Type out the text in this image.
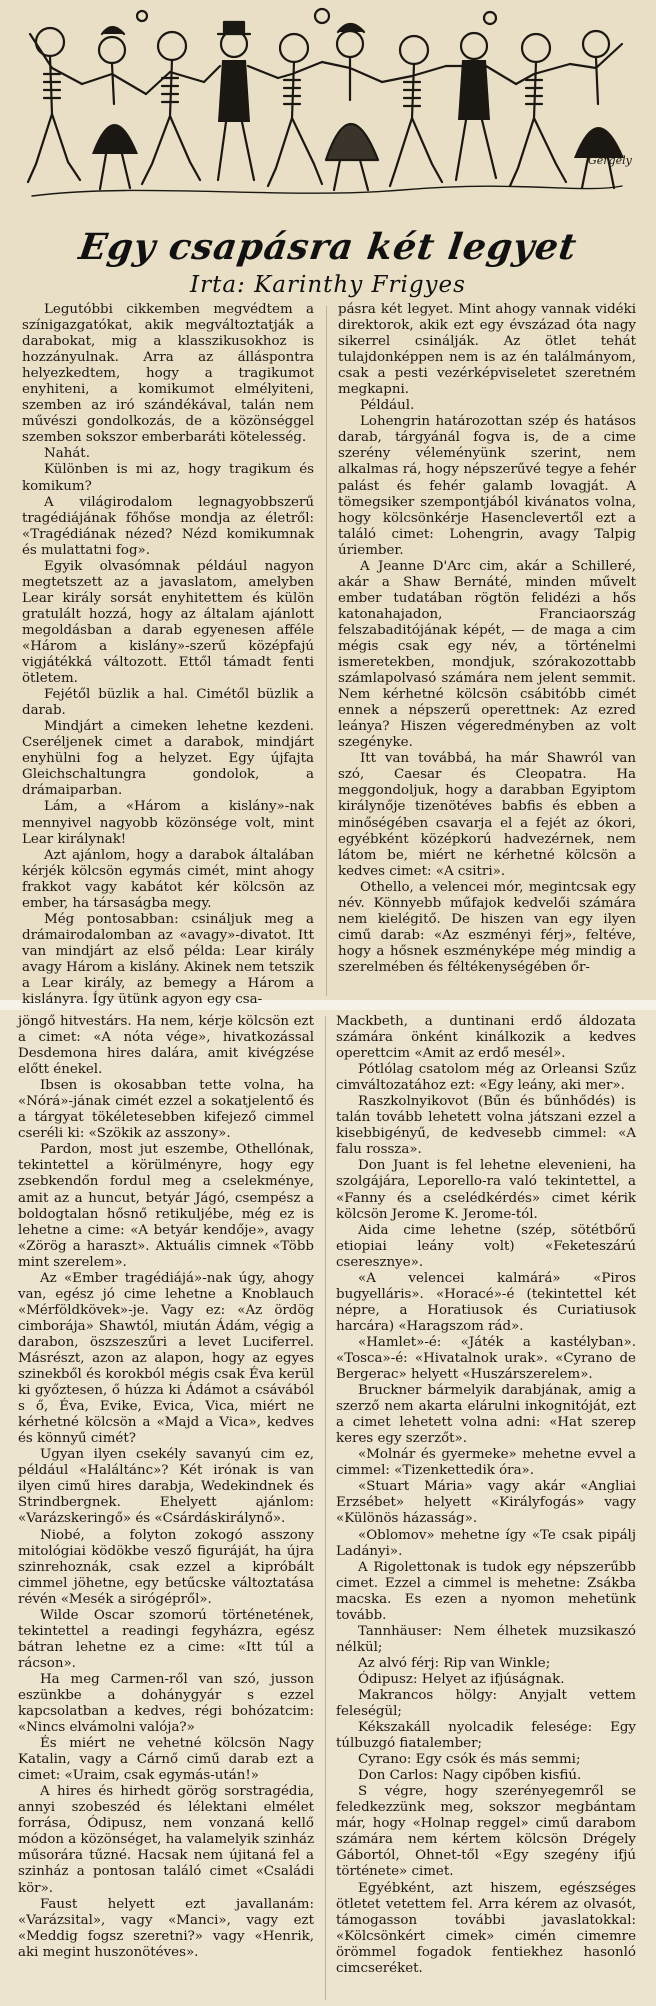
Gergely
Egy csapásra két legyet
Irta: Karinthy Frigyes

Legutóbbi cikkemben megvédtem a színigazgatókat, akik megváltoztatják a darabokat, mig a klasszikusokhoz is hozzányulnak. Arra az álláspontra helyezkedtem, hogy a tragikumot enyhiteni, a komikumot elmélyiteni, szemben az iró szándékával, talán nem művészi gondolkozás, de a közönséggel szemben sokszor emberbaráti kötelesség.

Nahát.

Különben is mi az, hogy tragikum és komikum?

A világirodalom legnagyobbszerű tragédiájának főhőse mondja az életről: «Tragédiának nézed? Nézd komikumnak és mulattatni fog».

Egyik olvasómnak például nagyon megtetszett az a javaslatom, amelyben Lear király sorsát enyhitettem és külön gratulált hozzá, hogy az általam ajánlott megoldásban a darab egyenesen afféle «Három a kislány»-szerű középfajú vigjátékká változott. Ettől támadt fenti ötletem.

Fejétől büzlik a hal. Cimétől büzlik a darab.

Mindjárt a cimeken lehetne kezdeni. Cseréljenek cimet a darabok, mindjárt enyhülni fog a helyzet. Egy újfajta Gleichschaltungra gondolok, a drámaiparban.

Lám, a «Három a kislány»-nak mennyivel nagyobb közönsége volt, mint Lear királynak!

Azt ajánlom, hogy a darabok általában kérjék kölcsön egymás cimét, mint ahogy frakkot vagy kabátot kér kölcsön az ember, ha társaságba megy.

Még pontosabban: csináljuk meg a drámairodalomban az «avagy»-divatot. Itt van mindjárt az első példa: Lear király avagy Három a kislány. Akinek nem tetszik a Lear király, az bemegy a Három a kislányra. Így ütünk agyon egy csa-

pásra két legyet. Mint ahogy vannak vidéki direktorok, akik ezt egy évszázad óta nagy sikerrel csinálják. Az ötlet tehát tulajdonképpen nem is az én találmányom, csak a pesti vezérképviseletet szeretném megkapni.

Például.

Lohengrin határozottan szép és hatásos darab, tárgyánál fogva is, de a cime szerény véleményünk szerint, nem alkalmas rá, hogy népszerűvé tegye a fehér palást és fehér galamb lovagját. A tömegsiker szempontjából kivánatos volna, hogy kölcsönkérje Hasenclevertől ezt a találó cimet: Lohengrin, avagy Talpig úriember.

A Jeanne D'Arc cim, akár a Schilleré, akár a Shaw Bernáté, minden művelt ember tudatában rögtön felidézi a hős katonahajadon, Franciaország felszabaditójának képét, — de maga a cim mégis csak egy név, a történelmi ismeretekben, mondjuk, szórakozottabb számlapolvasó számára nem jelent semmit. Nem kérhetné kölcsön csábitóbb cimét ennek a népszerű operettnek: Az ezred leánya? Hiszen végeredményben az volt szegényke.

Itt van továbbá, ha már Shawról van szó, Caesar és Cleopatra. Ha meggondoljuk, hogy a darabban Egyiptom királynője tizenötéves babfis és ebben a minőségében csavarja el a fejét az ókori, egyébként középkorú hadvezérnek, nem látom be, miért ne kérhetné kölcsön a kedves cimet: «A csitri».

Othello, a velencei mór, megintcsak egy név. Könnyebb műfajok kedvelői számára nem kielégitő. De hiszen van egy ilyen cimű darab: «Az eszményi férj», feltéve, hogy a hősnek eszményképe még mindig a szerelmében és féltékenységében őr-

jöngő hitvestárs. Ha nem, kérje kölcsön ezt a cimet: «A nóta vége», hivatkozással Desdemona hires dalára, amit kivégzése előtt énekel.

Ibsen is okosabban tette volna, ha «Nórá»-jának cimét ezzel a sokatjelentő és a tárgyat tökéletesebben kifejező cimmel cseréli ki: «Szökik az asszony».

Pardon, most jut eszembe, Othellónak, tekintettel a körülményre, hogy egy zsebkendőn fordul meg a cselekménye, amit az a huncut, betyár Jágó, csempész a boldogtalan hősnő retikuljébe, még ez is lehetne a cime: «A betyár kendője», avagy «Zörög a haraszt». Aktuális cimnek «Több mint szerelem».

Az «Ember tragédiájá»-nak úgy, ahogy van, egész jó cime lehetne a Knoblauch «Mérföldkövek»-je. Vagy ez: «Az ördög cimborája» Shawtól, miután Ádám, végig a darabon, öszszeszűri a levet Luciferrel. Másrészt, azon az alapon, hogy az egyes szinekből és korokból mégis csak Éva kerül ki győztesen, ő húzza ki Ádámot a csávából s ő, Éva, Evike, Evica, Vica, miért ne kérhetné kölcsön a «Majd a Vica», kedves és könnyű cimét?

Ugyan ilyen csekély savanyú cim ez, például «Haláltánc»? Két irónak is van ilyen cimű hires darabja, Wedekindnek és Strindbergnek. Ehelyett ajánlom: «Varázskeringő» és «Csárdáskirálynő».

Niobé, a folyton zokogó asszony mitológiai ködökbe vesző figuráját, ha újra szinrehoznák, csak ezzel a kipróbált cimmel jöhetne, egy betűcske változtatása révén «Mesék a sirógépről».

Wilde Oscar szomorú történetének, tekintettel a readingi fegyházra, egész bátran lehetne ez a cime: «Itt túl a rácson».

Ha meg Carmen-ről van szó, jusson eszünkbe a dohánygyár s ezzel kapcsolatban a kedves, régi bohózatcim: «Nincs elvámolni valója?»

És miért ne vehetné kölcsön Nagy Katalin, vagy a Cárnő cimű darab ezt a cimet: «Uraim, csak egymás-után!»

A hires és hirhedt görög sorstragédia, annyi szobeszéd és lélektani elmélet forrása, Ódipusz, nem vonzaná kellő módon a közönséget, ha valamelyik szinház műsorára tűzné. Hacsak nem újitaná fel a szinház a pontosan találó cimet «Családi kör».

Faust helyett ezt javallanám: «Varázsital», vagy «Manci», vagy ezt «Meddig fogsz szeretni?» vagy «Henrik, aki megint huszonötéves».

Mackbeth, a duntinani erdő áldozata számára önként kinálkozik a kedves operettcim «Amit az erdő mesél».

Pótlólag csatolom még az Orleansi Szűz cimváltozatához ezt: «Egy leány, aki mer».

Raszkolnyikovot (Bűn és bűnhődés) is talán tovább lehetett volna játszani ezzel a kisebbigényű, de kedvesebb cimmel: «A falu rossza».

Don Juant is fel lehetne elevenieni, ha szolgájára, Leporello-ra való tekintettel, a «Fanny és a cselédkérdés» cimet kérik kölcsön Jerome K. Jerome-tól.

Aida cime lehetne (szép, sötétbőrű etiopiai leány volt) «Feketeszárú cseresznye».

«A velencei kalmárá» «Piros bugyelláris». «Horacé»-é (tekintettel két népre, a Horatiusok és Curiatiusok harcára) «Haragszom rád».

«Hamlet»-é: «Játék a kastélyban». «Tosca»-é: «Hivatalnok urak». «Cyrano de Bergerac» helyett «Huszárszerelem».

Bruckner bármelyik darabjának, amig a szerző nem akarta elárulni inkognitóját, ezt a cimet lehetett volna adni: «Hat szerep keres egy szerzőt».

«Molnár és gyermeke» mehetne evvel a cimmel: «Tizenkettedik óra».

«Stuart Mária» vagy akár «Angliai Erzsébet» helyett «Királyfogás» vagy «Különös házasság».

«Oblomov» mehetne így «Te csak pipálj Ladányi».

A Rigolettonak is tudok egy népszerűbb cimet. Ezzel a cimmel is mehetne: Zsákba macska. Es ezen a nyomon mehetünk tovább.

Tannhäuser: Nem élhetek muzsikaszó nélkül;

Az alvó férj: Rip van Winkle;

Ódipusz: Helyet az ifjúságnak.

Makrancos hölgy: Anyjalt vettem feleségül;

Kékszakáll nyolcadik felesége: Egy túlbuzgó fiatalember;

Cyrano: Egy csók és más semmi;

Don Carlos: Nagy cipőben kisfiú.

S végre, hogy szerényegemről se feledkezzünk meg, sokszor megbántam már, hogy «Holnap reggel» cimű darabom számára nem kértem kölcsön Drégely Gábortól, Ohnet-től «Egy szegény ifjú története» cimet.

Egyébként, azt hiszem, egészséges ötletet vetettem fel. Arra kérem az olvasót, támogasson további javaslatokkal: «Kölcsönkért cimek» cimén cimemre örömmel fogadok fentiekhez hasonló cimcseréket.
